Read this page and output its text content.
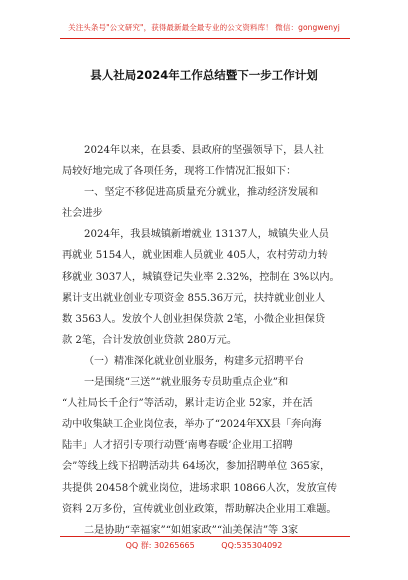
关注头条号"公文研究"，获得最新最全最专业的公文资料库！ 微信：gongwenyj
县人社局2024年工作总结暨下一步工作计划
2024年以来，在县委、县政府的坚强领导下，县人社
局较好地完成了各项任务，现将工作情况汇报如下：
一、坚定不移促进高质量充分就业，推动经济发展和
社会进步
2024年，我县城镇新增就业 13137人，城镇失业人员
再就业 5154人，就业困难人员就业 405人，农村劳动力转
移就业 3037人，城镇登记失业率 2.32%，控制在 3%以内。
累计支出就业创业专项资金 855.36万元，扶持就业创业人
数 3563人。发放个人创业担保贷款 2笔，小微企业担保贷
款 2笔，合计发放创业贷款 280万元。
（一）精准深化就业创业服务，构建多元招聘平台
一是围绕“三送”“就业服务专员助重点企业”和
“人社局长千企行”等活动，累计走访企业 52家，并在活
动中收集缺工企业岗位表，举办了“2024年XX县「奔向海
陆丰」人才招引专项行动暨‘南粤春暖’企业用工招聘
会”等线上线下招聘活动共 64场次，参加招聘单位 365家，
共提供 20458个就业岗位，进场求职 10866人次，发放宣传
资料 2万多份，宣传就业创业政策，帮助解决企业用工难题。
二是协助“幸福家”“如姐家政”“汕美保洁”等 3家
QQ 群: 30265665	QQ:535304092
